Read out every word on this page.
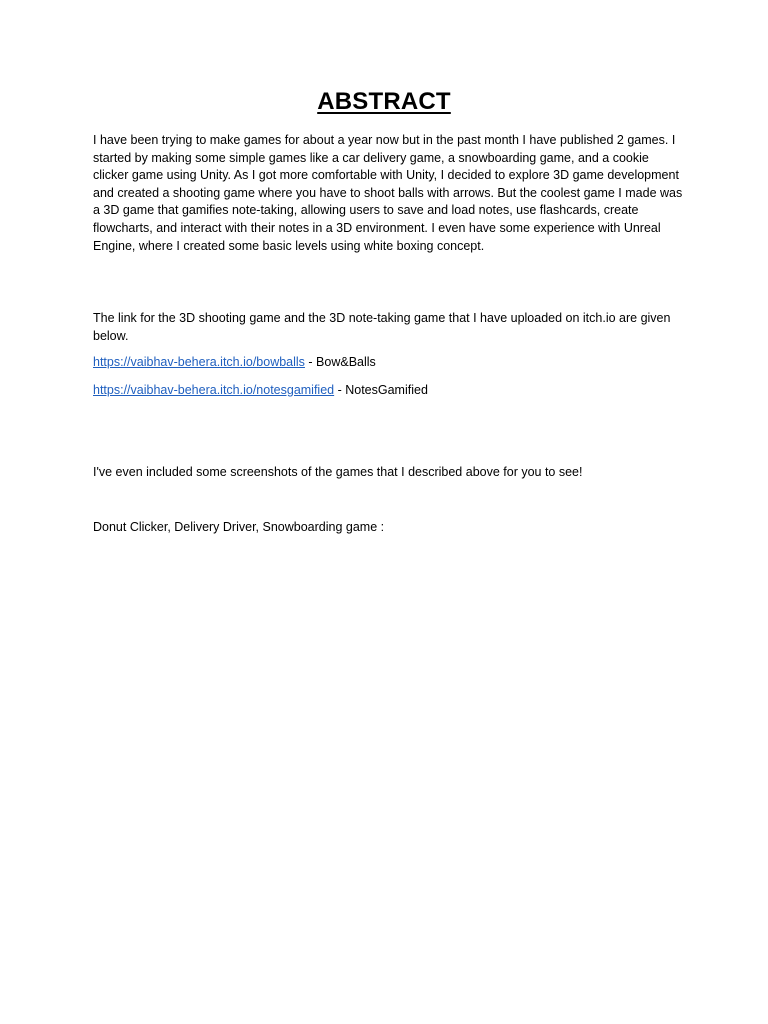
ABSTRACT

I have been trying to make games for about a year now but in the past month I have published 2 games. I started by making some simple games like a car delivery game, a snowboarding game, and a cookie clicker game using Unity. As I got more comfortable with Unity, I decided to explore 3D game development and created a shooting game where you have to shoot balls with arrows. But the coolest game I made was a 3D game that gamifies note-taking, allowing users to save and load notes, use flashcards, create flowcharts, and interact with their notes in a 3D environment. I even have some experience with Unreal Engine, where I created some basic levels using white boxing concept.

The link for the 3D shooting game and the 3D note-taking game that I have uploaded on itch.io are given below.

https://vaibhav-behera.itch.io/bowballs - Bow&Balls

https://vaibhav-behera.itch.io/notesgamified - NotesGamified

I've even included some screenshots of the games that I described above for you to see!

Donut Clicker, Delivery Driver, Snowboarding game :
